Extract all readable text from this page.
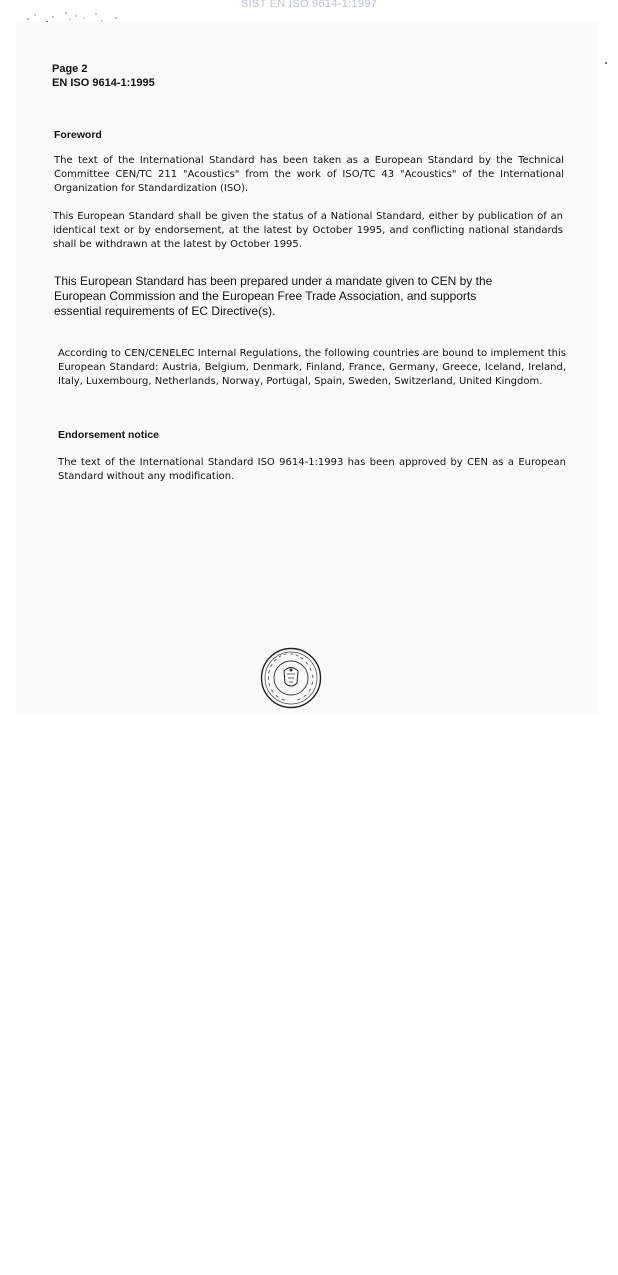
SIST EN ISO 9614-1:1997

Page 2

EN ISO 9614-1:1995

Foreword

The text of the International Standard has been taken as a European Standard by the Technical Committee CEN/TC 211 "Acoustics" from the work of ISO/TC 43 "Acoustics" of the International Organization for Standardization (ISO).

This European Standard shall be given the status of a National Standard, either by publication of an identical text or by endorsement, at the latest by October 1995, and conflicting national standards shall be withdrawn at the latest by October 1995.

This European Standard has been prepared under a mandate given to CEN by the European Commission and the European Free Trade Association, and supports essential requirements of EC Directive(s).

According to CEN/CENELEC Internal Regulations, the following countries are bound to implement this European Standard: Austria, Belgium, Denmark, Finland, France, Germany, Greece, Iceland, Ireland, Italy, Luxembourg, Netherlands, Norway, Portugal, Spain, Sweden, Switzerland, United Kingdom.

Endorsement notice

The text of the International Standard ISO 9614-1:1993 has been approved by CEN as a European Standard without any modification.
